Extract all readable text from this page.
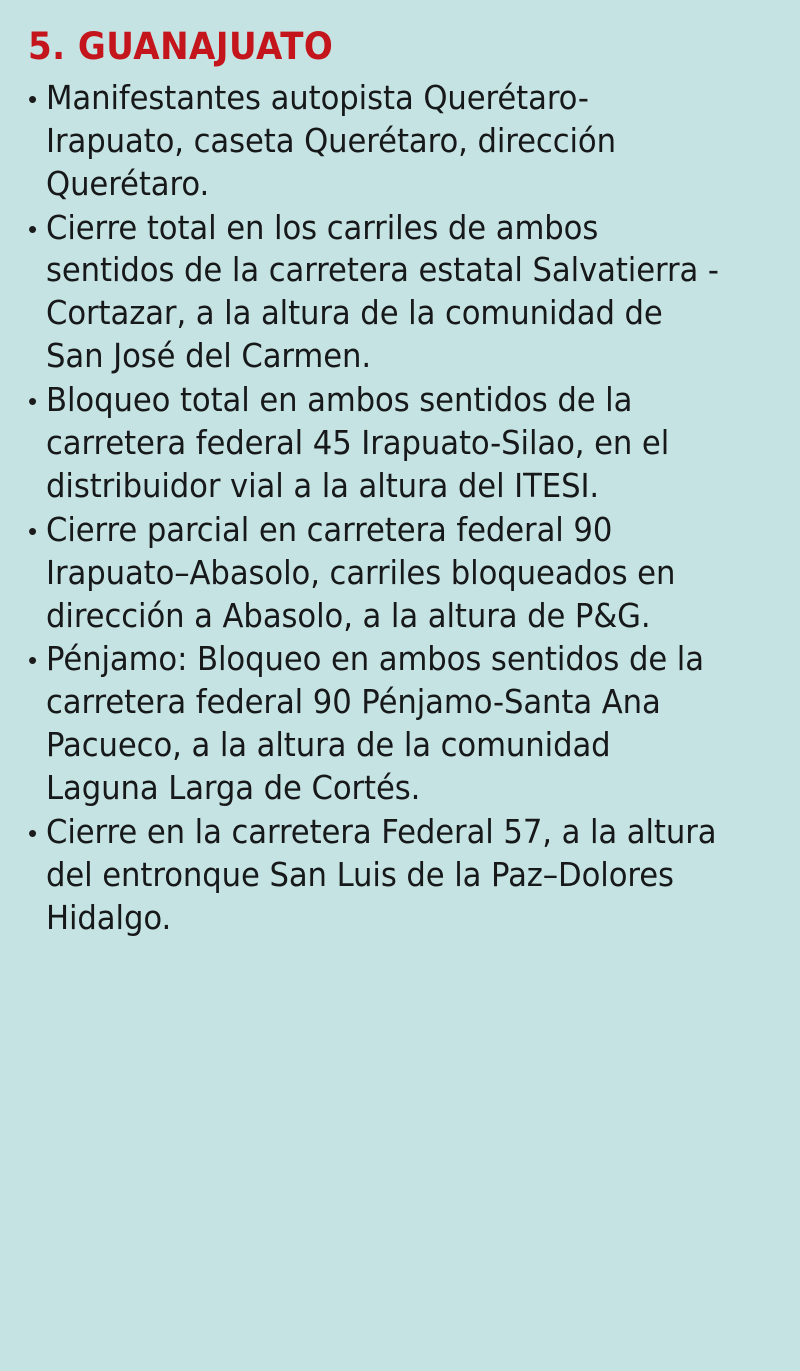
5. GUANAJUATO
• Manifestantes autopista Querétaro-Irapuato, caseta Querétaro, dirección Querétaro.
• Cierre total en los carriles de ambos sentidos de la carretera estatal Salvatierra -Cortazar, a la altura de la comunidad de San José del Carmen.
• Bloqueo total en ambos sentidos de la carretera federal 45 Irapuato-Silao, en el distribuidor vial a la altura del ITESI.
• Cierre parcial en carretera federal 90 Irapuato–Abasolo, carriles bloqueados en dirección a Abasolo, a la altura de P&G.
• Pénjamo: Bloqueo en ambos sentidos de la carretera federal 90 Pénjamo-Santa Ana Pacueco, a la altura de la comunidad Laguna Larga de Cortés.
• Cierre en la carretera Federal 57, a la altura del entronque San Luis de la Paz–Dolores Hidalgo.
